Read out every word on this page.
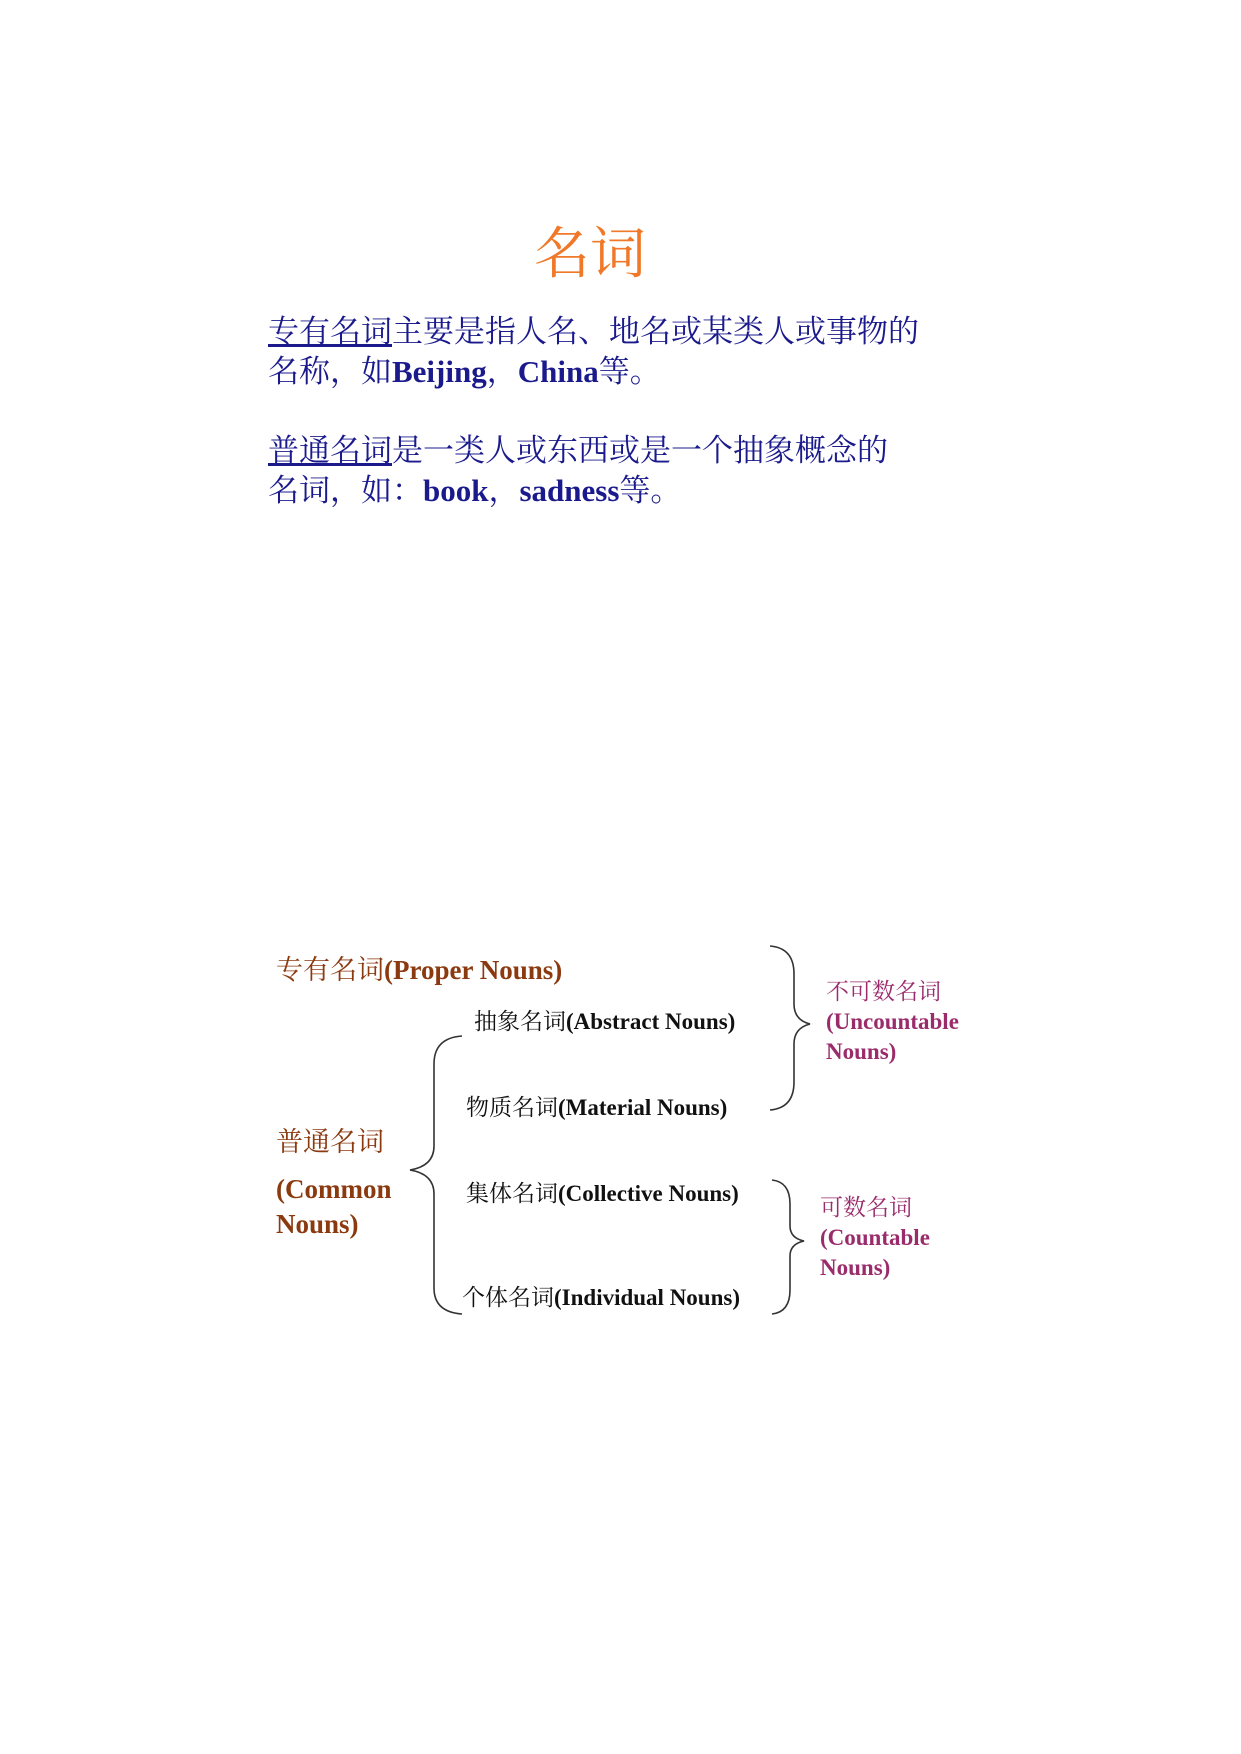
名词
专有名词主要是指人名、地名或某类人或事物的
名称，如Beijing，China等。
普通名词是一类人或东西或是一个抽象概念的
名词，如：book，sadness等。
专有名词(Proper Nouns)
普通名词
(Common
Nouns)
抽象名词(Abstract Nouns)
物质名词(Material Nouns)
集体名词(Collective Nouns)
个体名词(Individual Nouns)
不可数名词
(Uncountable
Nouns)
可数名词
(Countable
Nouns)
